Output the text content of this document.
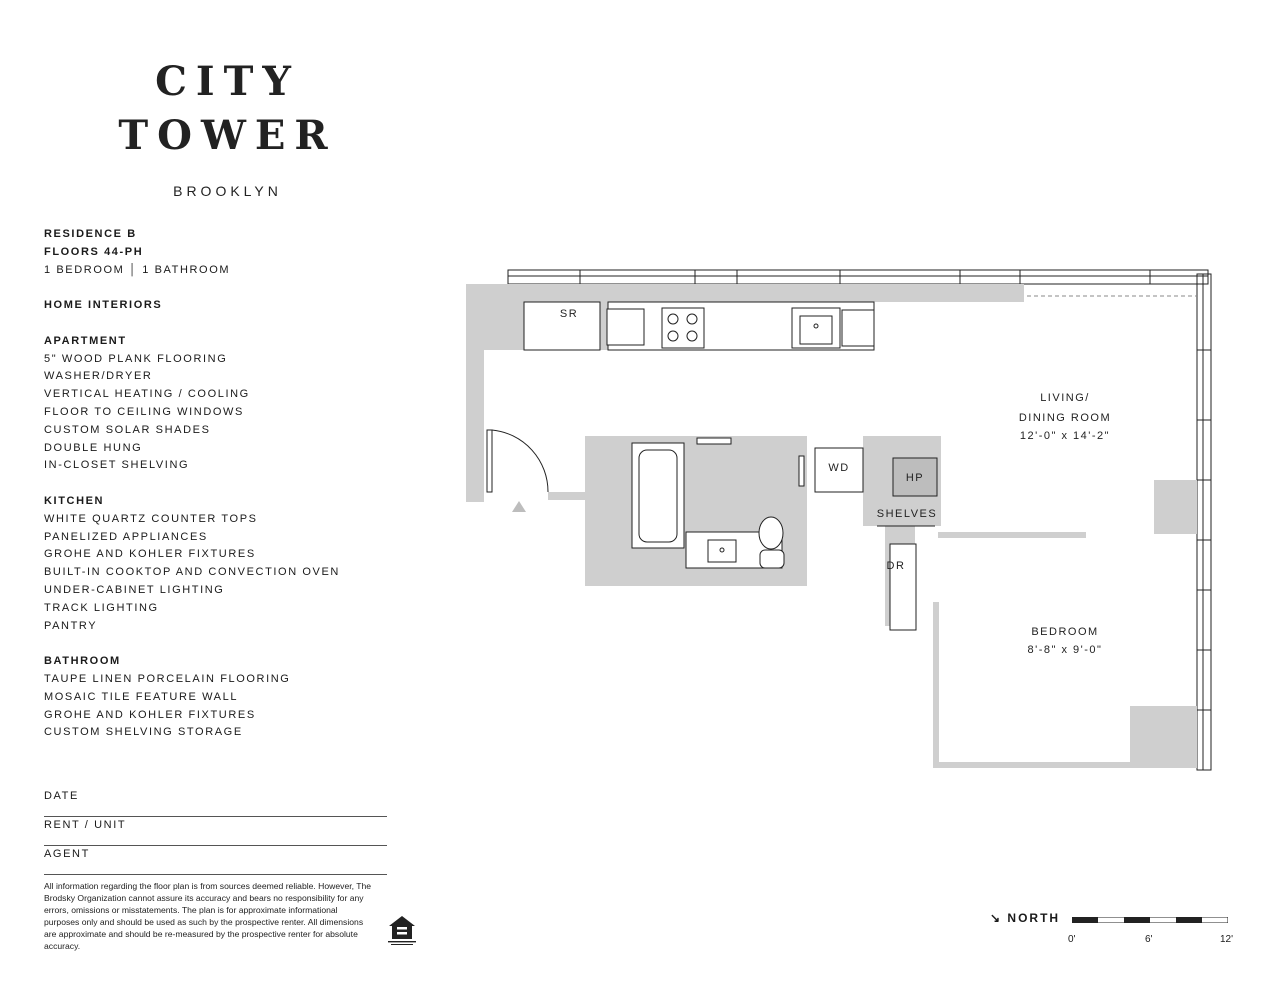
CITY
TOWER
BROOKLYN
RESIDENCE B
FLOORS 44-PH
1 BEDROOM │ 1 BATHROOM
HOME INTERIORS
APARTMENT
5" WOOD PLANK FLOORING
WASHER/DRYER
VERTICAL HEATING / COOLING
FLOOR TO CEILING WINDOWS
CUSTOM SOLAR SHADES
DOUBLE HUNG
IN-CLOSET SHELVING
KITCHEN
WHITE QUARTZ COUNTER TOPS
PANELIZED APPLIANCES
GROHE AND KOHLER FIXTURES
BUILT-IN COOKTOP AND CONVECTION OVEN
UNDER-CABINET LIGHTING
TRACK LIGHTING
PANTRY
BATHROOM
TAUPE LINEN PORCELAIN FLOORING
MOSAIC TILE FEATURE WALL
GROHE AND KOHLER FIXTURES
CUSTOM SHELVING STORAGE
DATE
RENT / UNIT
AGENT
All information regarding the floor plan is from sources deemed reliable. However, The Brodsky Organization cannot assure its accuracy and bears no responsibility for any errors, omissions or misstatements. The plan is for approximate informational purposes only and should be used as such by the prospective renter. All dimensions are approximate and should be re-measured by the prospective renter for absolute accuracy.
SR
WD
HP
SHELVES
DR
LIVING/
DINING ROOM
12'-0" x 14'-2"
BEDROOM
8'-8" x 9'-0"
↘ NORTH
0'	6'	12'
